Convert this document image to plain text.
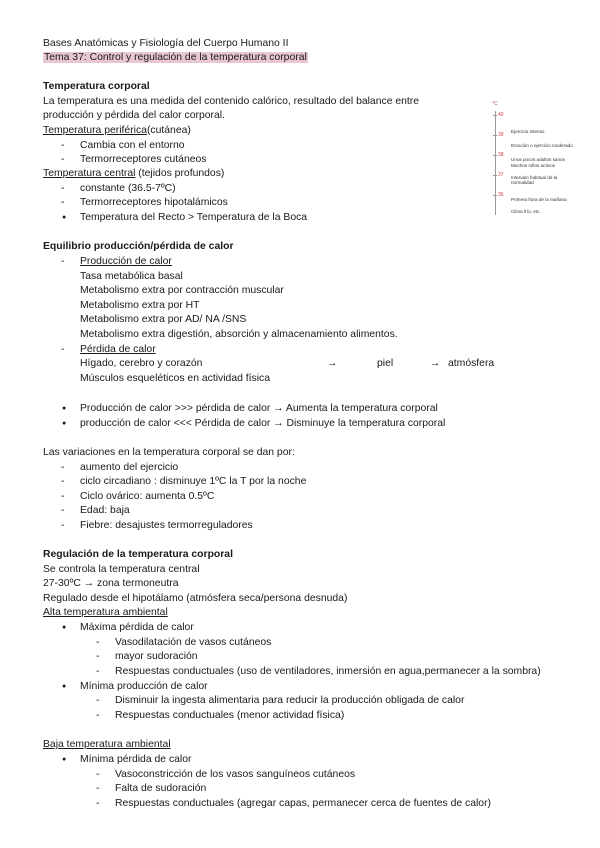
Bases Anatómicas y Fisiología del Cuerpo Humano II
Tema 37: Control y regulación de la temperatura corporal
Temperatura corporal
La temperatura es una medida del contenido calórico, resultado del balance entre
producción y pérdida del calor corporal.
Temperatura periférica(cutánea)
- Cambia con el entorno
- Termorreceptores cutáneos
Temperatura central (tejidos profundos)
- constante (36.5-7ºC)
- Termorreceptores hipotalámicos
● Temperatura del Recto > Temperatura de la Boca
°C
40
39
38
37
36
Ejercicio intenso
Emoción o ejercicio moderado
Unos pocos adultos sanos
Muchos niños activos
Intervalo habitual de la normalidad
Primera hora de la mañana
Clima frío, etc.
Equilibrio producción/pérdida de calor
- Producción de calor
Tasa metabólica basal
Metabolismo extra por contracción muscular
Metabolismo extra por HT
Metabolismo extra por AD/ NA /SNS
Metabolismo extra digestión, absorción y almacenamiento alimentos.
- Pérdida de calor
Hígado, cerebro y corazón	→	piel	→ atmósfera
Músculos esqueléticos en actividad física
● Producción de calor >>> pérdida de calor → Aumenta la temperatura corporal
● producción de calor <<< Pérdida de calor → Disminuye la temperatura corporal
Las variaciones en la temperatura corporal se dan por:
- aumento del ejercicio
- ciclo circadiano : disminuye 1ºC la T por la noche
- Ciclo ovárico: aumenta 0.5ºC
- Edad: baja
- Fiebre: desajustes termorreguladores
Regulación de la temperatura corporal
Se controla la temperatura central
27-30ºC → zona termoneutra
Regulado desde el hipotálamo (atmósfera seca/persona desnuda)
Alta temperatura ambiental
● Máxima pérdida de calor
- Vasodilatación de vasos cutáneos
- mayor sudoración
- Respuestas conductuales (uso de ventiladores, inmersión en agua,permanecer a la sombra)
● Mínima producción de calor
- Disminuir la ingesta alimentaria para reducir la producción obligada de calor
- Respuestas conductuales (menor actividad física)
Baja temperatura ambiental
● Mínima pérdida de calor
- Vasoconstricción de los vasos sanguíneos cutáneos
- Falta de sudoración
- Respuestas conductuales (agregar capas, permanecer cerca de fuentes de calor)
